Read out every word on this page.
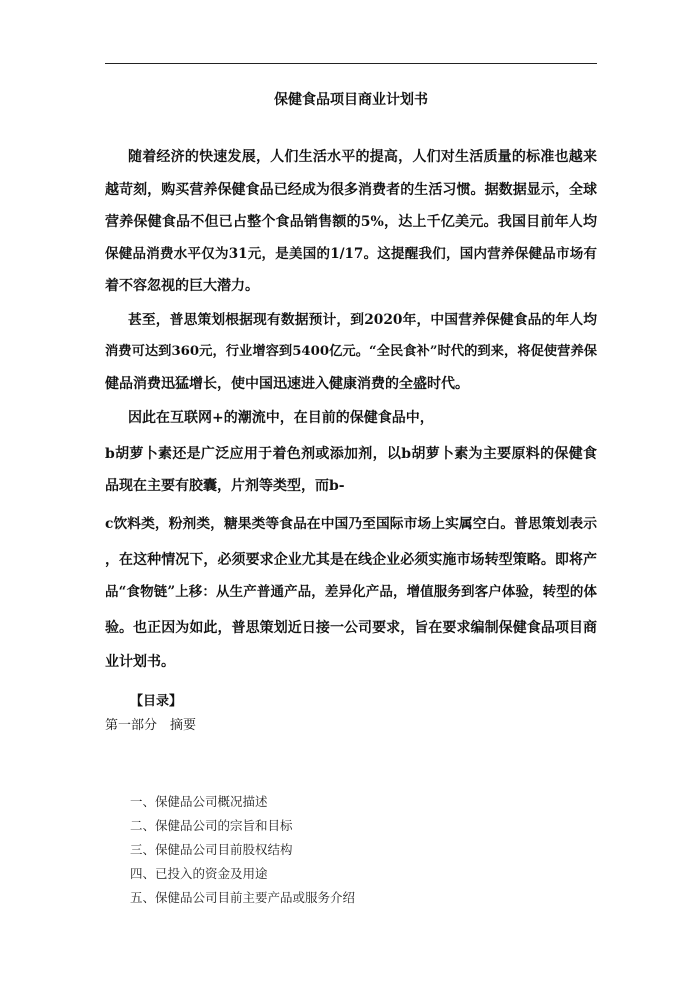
保健食品项目商业计划书
随着经济的快速发展，人们生活水平的提高，人们对生活质量的标准也越来
越苛刻，购买营养保健食品已经成为很多消费者的生活习惯。据数据显示，全球
营养保健食品不但已占整个食品销售额的5%，达上千亿美元。我国目前年人均
保健品消费水平仅为31元，是美国的1/17。这提醒我们，国内营养保健品市场有
着不容忽视的巨大潜力。
甚至，普思策划根据现有数据预计，到2020年，中国营养保健食品的年人均
消费可达到360元，行业增容到5400亿元。“全民食补”时代的到来，将促使营养保
健品消费迅猛增长，使中国迅速进入健康消费的全盛时代。
因此在互联网+的潮流中，在目前的保健食品中，
b胡萝卜素还是广泛应用于着色剂或添加剂，以b胡萝卜素为主要原料的保健食
品现在主要有胶囊，片剂等类型，而b-
c饮料类，粉剂类，糖果类等食品在中国乃至国际市场上实属空白。普思策划表示
，在这种情况下，必须要求企业尤其是在线企业必须实施市场转型策略。即将产
品“食物链”上移：从生产普通产品，差异化产品，增值服务到客户体验，转型的体
验。也正因为如此，普思策划近日接一公司要求，旨在要求编制保健食品项目商
业计划书。
【目录】
第一部分　摘要
一、保健品公司概况描述
二、保健品公司的宗旨和目标
三、保健品公司目前股权结构
四、已投入的资金及用途
五、保健品公司目前主要产品或服务介绍
